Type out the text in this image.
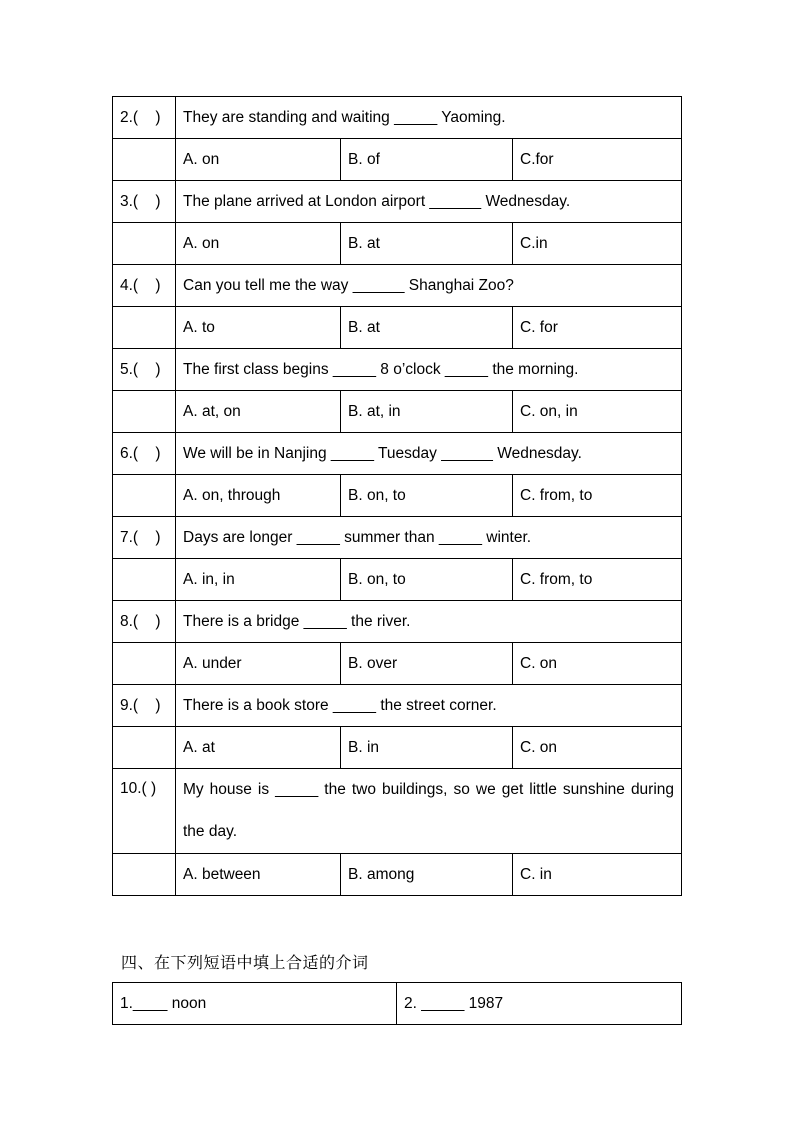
2.(    )	They are standing and waiting _____ Yaoming.		
	A. on	B. of	C.for
3.(    )	The plane arrived at London airport ______ Wednesday.		
	A. on	B. at	C.in
4.(    )	Can you tell me the way ______ Shanghai Zoo?		
	A. to	B. at	C. for
5.(    )	The first class begins _____ 8 o’clock _____ the morning.		
	A. at, on	B. at, in	C. on, in
6.(    )	We will be in Nanjing _____ Tuesday ______ Wednesday.		
	A. on, through	B. on, to	C. from, to
7.(    )	Days are longer _____ summer than _____ winter.		
	A. in, in	B. on, to	C. from, to
8.(    )	There is a bridge _____ the river.		
	A. under	B. over	C. on
9.(    )	There is a book store _____ the street corner.		
	A. at	B. in	C. on
10.( )	My house is _____ the two buildings, so we get little sunshine during the day.		
	A. between	B. among	C. in
四、在下列短语中填上合适的介词
1.____ noon	2. _____ 1987
